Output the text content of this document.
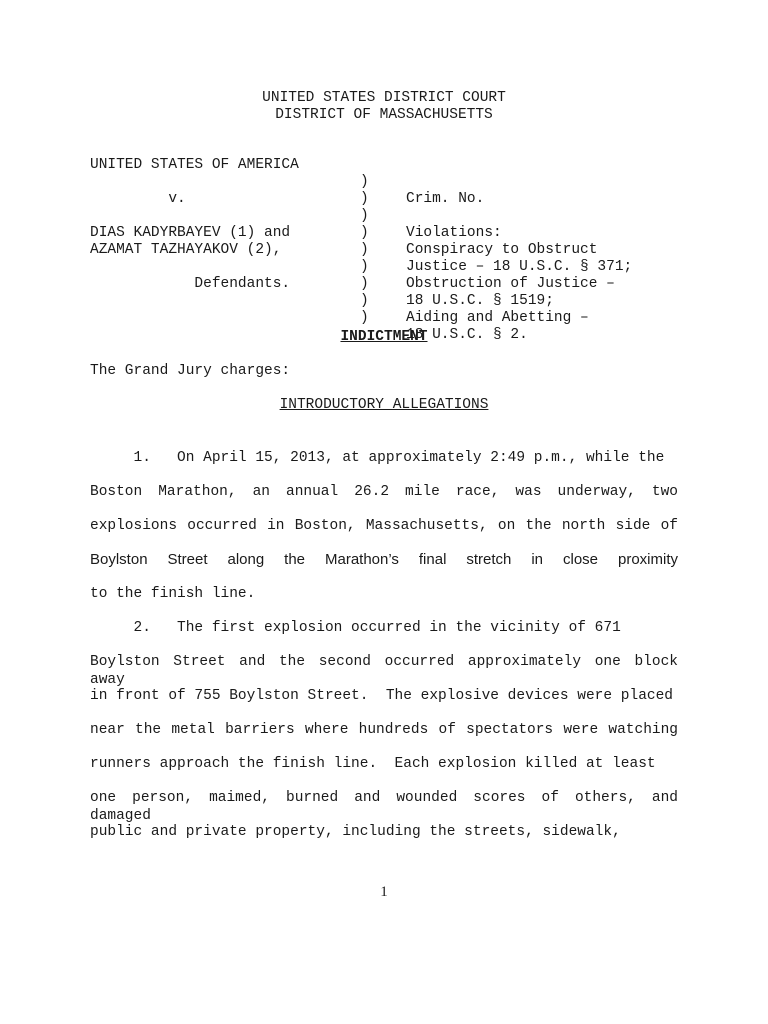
UNITED STATES DISTRICT COURT
DISTRICT OF MASSACHUSETTS

UNITED STATES OF AMERICA

)

Crim. No.

)

v.

)

Violations:

)

Conspiracy to Obstruct

DIAS KADYRBAYEV (1) and

)

Justice – 18 U.S.C. § 371;

AZAMAT TAZHAYAKOV (2),

)

Obstruction of Justice –

)

18 U.S.C. § 1519;

Defendants.

)

Aiding and Abetting –

)

18 U.S.C. § 2.

INDICTMENT
The Grand Jury charges:
INTRODUCTORY ALLEGATIONS
1.   On April 15, 2013, at approximately 2:49 p.m., while the
Boston Marathon, an annual 26.2 mile race, was underway, two
explosions occurred in Boston, Massachusetts, on the north side of
Boylston Street along the Marathon’s final stretch in close proximity
to the finish line.
2.   The first explosion occurred in the vicinity of 671
Boylston Street and the second occurred approximately one block away
in front of 755 Boylston Street.  The explosive devices were placed
near the metal barriers where hundreds of spectators were watching
runners approach the finish line.  Each explosion killed at least
one person, maimed, burned and wounded scores of others, and damaged
public and private property, including the streets, sidewalk,
1
